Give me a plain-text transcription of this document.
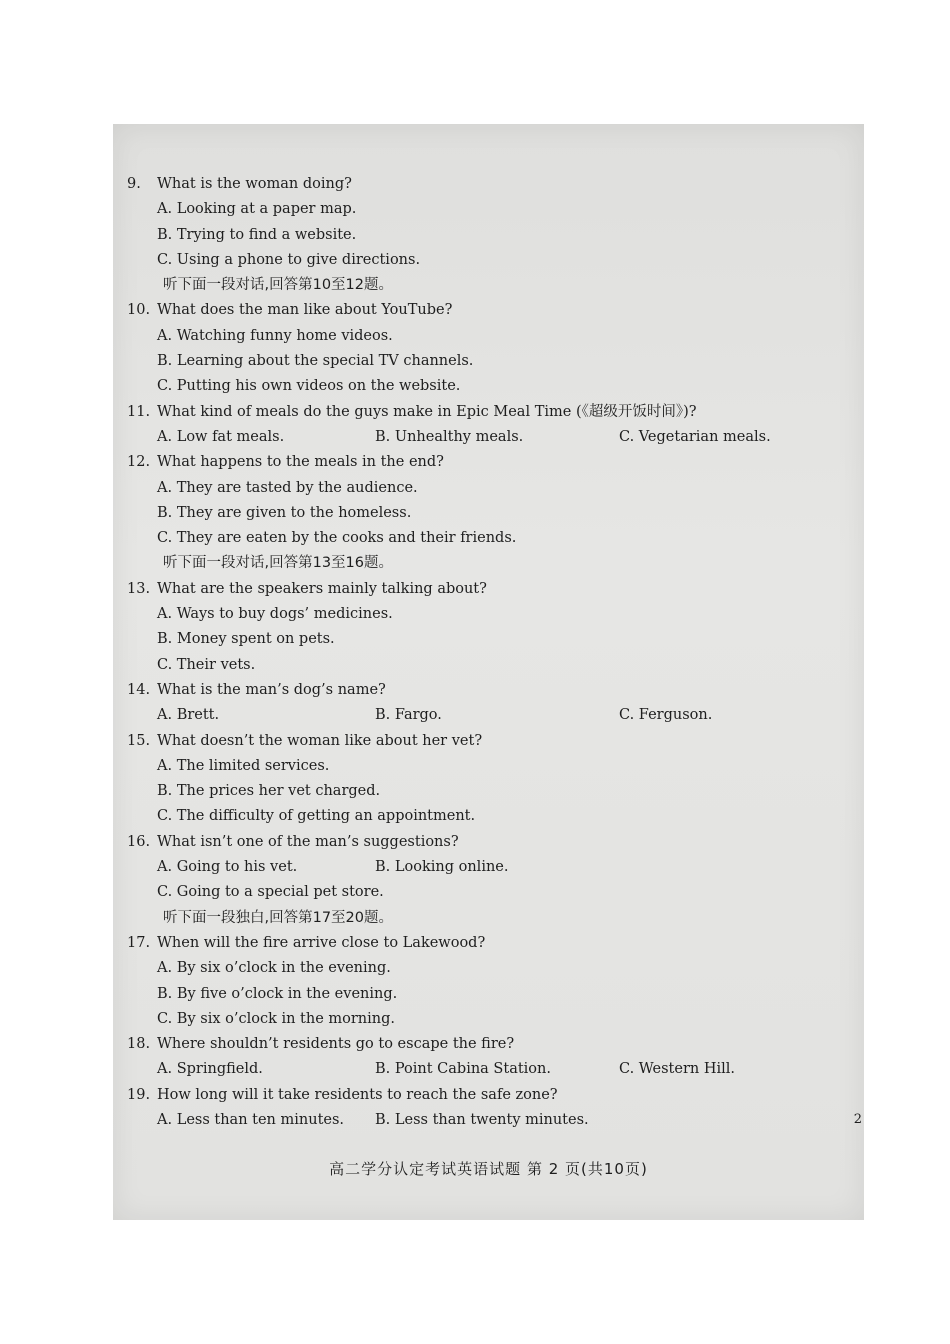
9. What is the woman doing?
A. Looking at a paper map.
B. Trying to find a website.
C. Using a phone to give directions.
听下面一段对话,回答第10至12题。
10. What does the man like about YouTube?
A. Watching funny home videos.
B. Learning about the special TV channels.
C. Putting his own videos on the website.
11. What kind of meals do the guys make in Epic Meal Time (《超级开饭时间》)?
A. Low fat meals.	B. Unhealthy meals.	C. Vegetarian meals.
12. What happens to the meals in the end?
A. They are tasted by the audience.
B. They are given to the homeless.
C. They are eaten by the cooks and their friends.
听下面一段对话,回答第13至16题。
13. What are the speakers mainly talking about?
A. Ways to buy dogs’ medicines.
B. Money spent on pets.
C. Their vets.
14. What is the man’s dog’s name?
A. Brett.	B. Fargo.	C. Ferguson.
15. What doesn’t the woman like about her vet?
A. The limited services.
B. The prices her vet charged.
C. The difficulty of getting an appointment.
16. What isn’t one of the man’s suggestions?
A. Going to his vet.	B. Looking online.
C. Going to a special pet store.
听下面一段独白,回答第17至20题。
17. When will the fire arrive close to Lakewood?
A. By six o’clock in the evening.
B. By five o’clock in the evening.
C. By six o’clock in the morning.
18. Where shouldn’t residents go to escape the fire?
A. Springfield.	B. Point Cabina Station.	C. Western Hill.
19. How long will it take residents to reach the safe zone?
A. Less than ten minutes. B. Less than twenty minutes.
高二学分认定考试英语试题 第 2 页(共10页)
2
